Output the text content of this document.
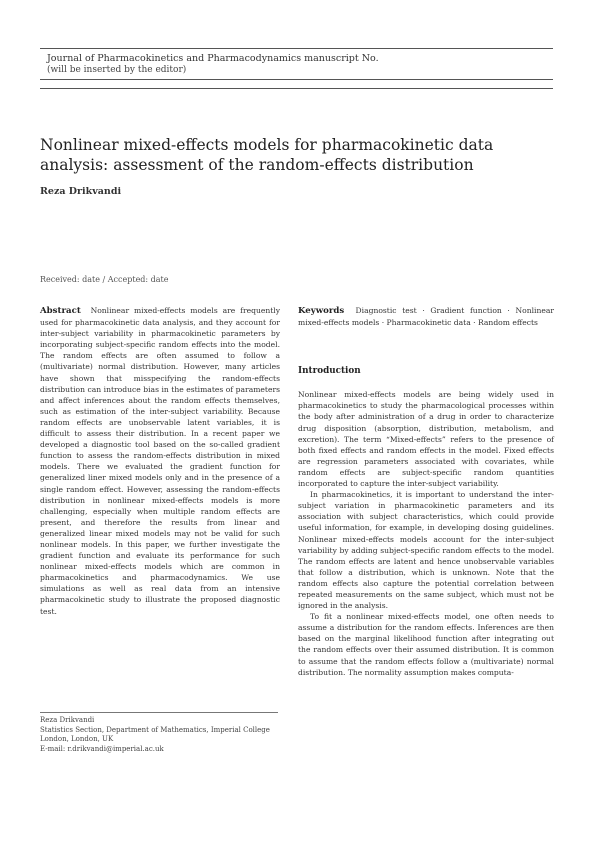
Journal of Pharmacokinetics and Pharmacodynamics manuscript No.
(will be inserted by the editor)
Nonlinear mixed-effects models for pharmacokinetic data analysis: assessment of the random-effects distribution
Reza Drikvandi
Received: date / Accepted: date

Abstract Nonlinear mixed-effects models are frequently used for pharmacokinetic data analysis, and they account for inter-subject variability in pharmacokinetic parameters by incorporating subject-specific random effects into the model. The random effects are often assumed to follow a (multivariate) normal distribution. However, many articles have shown that misspecifying the random-effects distribution can introduce bias in the estimates of parameters and affect inferences about the random effects themselves, such as estimation of the inter-subject variability. Because random effects are unobservable latent variables, it is difficult to assess their distribution. In a recent paper we developed a diagnostic tool based on the so-called gradient function to assess the random-effects distribution in mixed models. There we evaluated the gradient function for generalized liner mixed models only and in the presence of a single random effect. However, assessing the random-effects distribution in nonlinear mixed-effects models is more challenging, especially when multiple random effects are present, and therefore the results from linear and generalized linear mixed models may not be valid for such nonlinear models. In this paper, we further investigate the gradient function and evaluate its performance for such nonlinear mixed-effects models which are common in pharmacokinetics and pharmacodynamics. We use simulations as well as real data from an intensive pharmacokinetic study to illustrate the proposed diagnostic test.

Keywords Diagnostic test · Gradient function · Nonlinear mixed-effects models · Pharmacokinetic data · Random effects

Introduction

Nonlinear mixed-effects models are being widely used in pharmacokinetics to study the pharmacological processes within the body after administration of a drug in order to characterize drug disposition (absorption, distribution, metabolism, and excretion). The term “Mixed-effects” refers to the presence of both fixed effects and random effects in the model. Fixed effects are regression parameters associated with covariates, while random effects are subject-specific random quantities incorporated to capture the inter-subject variability.

In pharmacokinetics, it is important to understand the inter-subject variation in pharmacokinetic parameters and its association with subject characteristics, which could provide useful information, for example, in developing dosing guidelines. Nonlinear mixed-effects models account for the inter-subject variability by adding subject-specific random effects to the model. The random effects are latent and hence unobservable variables that follow a distribution, which is unknown. Note that the random effects also capture the potential correlation between repeated measurements on the same subject, which must not be ignored in the analysis.

To fit a nonlinear mixed-effects model, one often needs to assume a distribution for the random effects. Inferences are then based on the marginal likelihood function after integrating out the random effects over their assumed distribution. It is common to assume that the random effects follow a (multivariate) normal distribution. The normality assumption makes computa-

Reza Drikvandi
Statistics Section, Department of Mathematics, Imperial College London, London, UK
E-mail: r.drikvandi@imperial.ac.uk
